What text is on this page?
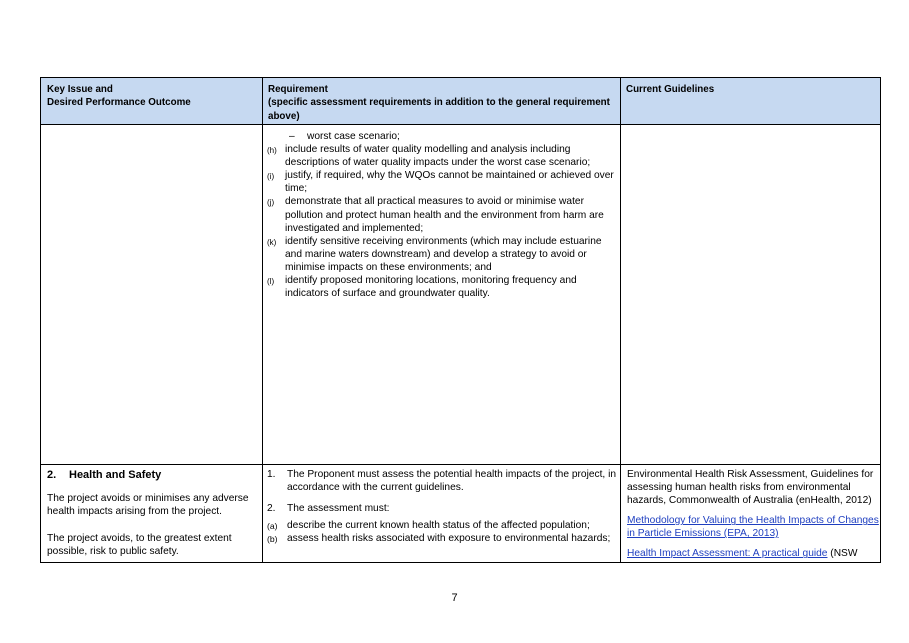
Key Issue and
Desired Performance Outcome
Requirement
(specific assessment requirements in addition to the general requirement above)
Current Guidelines
– worst case scenario;
(h) include results of water quality modelling and analysis including descriptions of water quality impacts under the worst case scenario;
(i) justify, if required, why the WQOs cannot be maintained or achieved over time;
(j) demonstrate that all practical measures to avoid or minimise water pollution and protect human health and the environment from harm are investigated and implemented;
(k) identify sensitive receiving environments (which may include estuarine and marine waters downstream) and develop a strategy to avoid or minimise impacts on these environments; and
(l) identify proposed monitoring locations, monitoring frequency and indicators of surface and groundwater quality.
2. Health and Safety
The project avoids or minimises any adverse health impacts arising from the project.
The project avoids, to the greatest extent possible, risk to public safety.
1. The Proponent must assess the potential health impacts of the project, in accordance with the current guidelines.
2. The assessment must:
(a) describe the current known health status of the affected population;
(b) assess health risks associated with exposure to environmental hazards;
Environmental Health Risk Assessment, Guidelines for assessing human health risks from environmental hazards, Commonwealth of Australia (enHealth, 2012)
Methodology for Valuing the Health Impacts of Changes in Particle Emissions (EPA, 2013)
Health Impact Assessment: A practical guide (NSW
7
